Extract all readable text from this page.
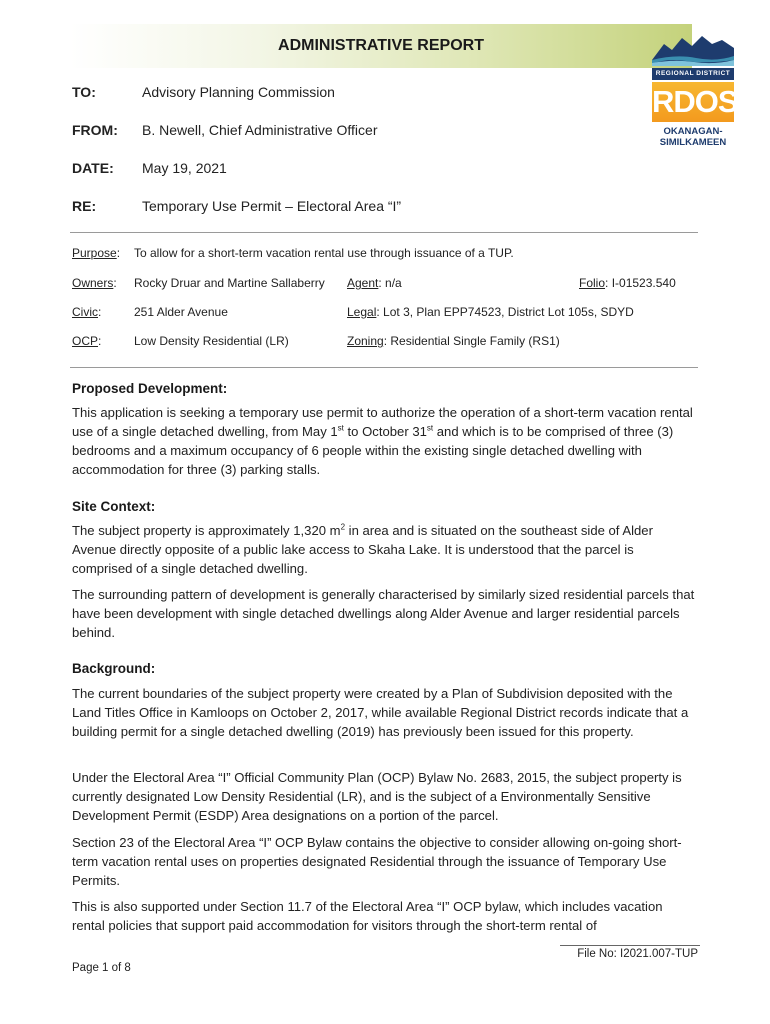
ADMINISTRATIVE REPORT
REGIONAL DISTRICT
RDOS
OKANAGAN-
SIMILKAMEEN
TO:	Advisory Planning Commission
FROM: B. Newell, Chief Administrative Officer
DATE: May 19, 2021
RE:	Temporary Use Permit – Electoral Area “I”
Purpose: To allow for a short-term vacation rental use through issuance of a TUP.
Owners: Rocky Druar and Martine Sallaberry Agent: n/a	Folio: I-01523.540
Civic:	251 Alder Avenue	Legal: Lot 3, Plan EPP74523, District Lot 105s, SDYD
OCP:	Low Density Residential (LR)	Zoning: Residential Single Family (RS1)
Proposed Development:
This application is seeking a temporary use permit to authorize the operation of a short-term vacation rental use of a single detached dwelling, from May 1st to October 31st and which is to be comprised of three (3) bedrooms and a maximum occupancy of 6 people within the existing single detached dwelling with accommodation for three (3) parking stalls.
Site Context:
The subject property is approximately 1,320 $m^2$ in area and is situated on the southeast side of Alder Avenue directly opposite of a public lake access to Skaha Lake. It is understood that the parcel is comprised of a single detached dwelling.
The surrounding pattern of development is generally characterised by similarly sized residential parcels that have been development with single detached dwellings along Alder Avenue and larger residential parcels behind.
Background:
The current boundaries of the subject property were created by a Plan of Subdivision deposited with the Land Titles Office in Kamloops on October 2, 2017, while available Regional District records indicate that a building permit for a single detached dwelling (2019) has previously been issued for this property.
Under the Electoral Area “I” Official Community Plan (OCP) Bylaw No. 2683, 2015, the subject property is currently designated Low Density Residential (LR), and is the subject of a Environmentally Sensitive Development Permit (ESDP) Area designations on a portion of the parcel.
Section 23 of the Electoral Area “I” OCP Bylaw contains the objective to consider allowing on-going short-term vacation rental uses on properties designated Residential through the issuance of Temporary Use Permits.
This is also supported under Section 11.7 of the Electoral Area “I” OCP bylaw, which includes vacation rental policies that support paid accommodation for visitors through the short-term rental of
File No: I2021.007-TUP
Page 1 of 8
